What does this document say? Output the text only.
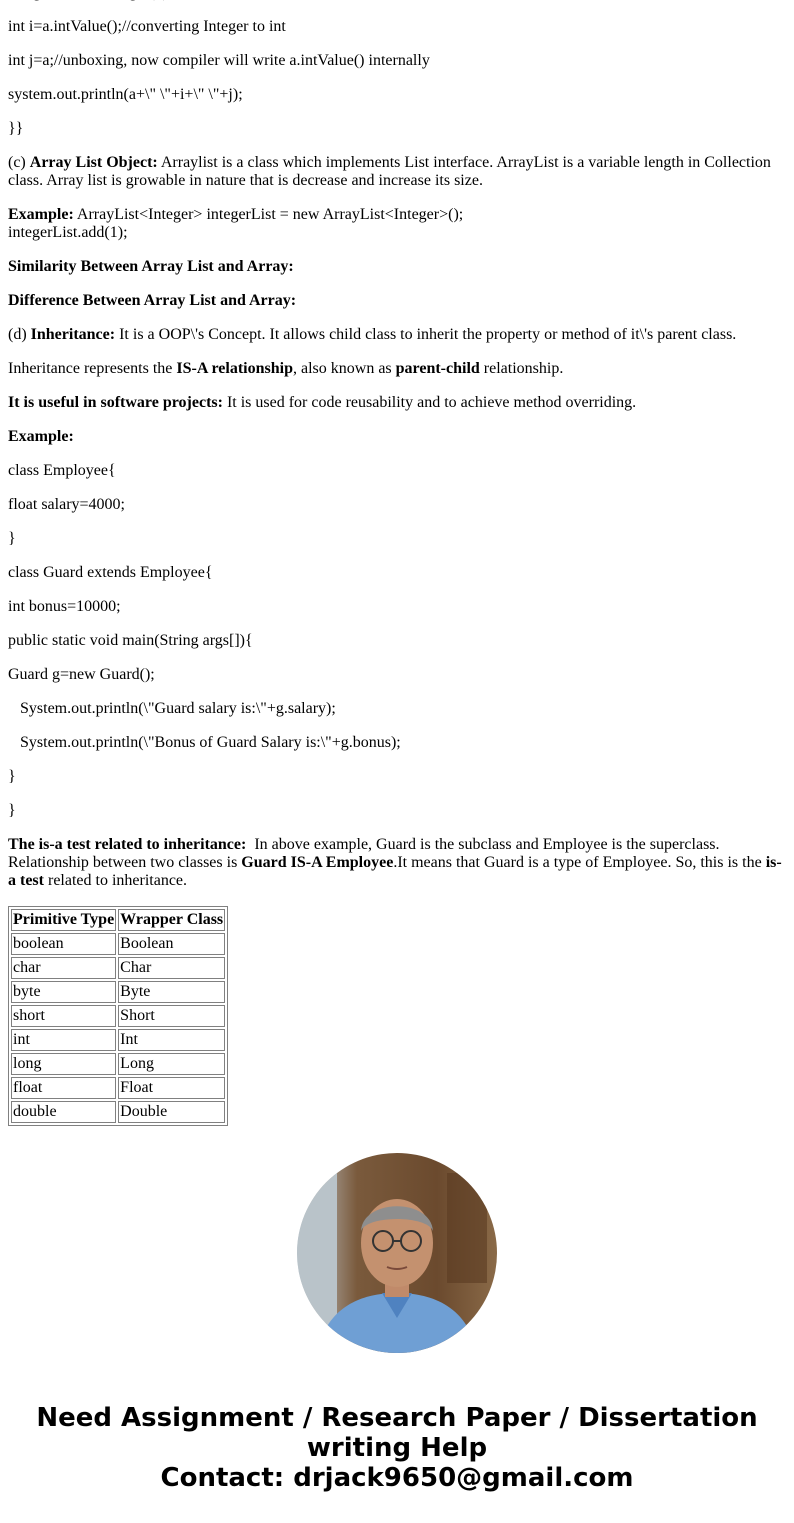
int i=a.intValue();//converting Integer to int
int j=a;//unboxing, now compiler will write a.intValue() internally
system.out.println(a+\" \"+i+\" \"+j);
}}
(c) Array List Object: Arraylist is a class which implements List interface. ArrayList is a variable length in Collection class. Array list is growable in nature that is decrease and increase its size.
Example: ArrayList<Integer> integerList = new ArrayList<Integer>();
integerList.add(1);
Similarity Between Array List and Array:
Difference Between Array List and Array:
(d) Inheritance: It is a OOP\'s Concept. It allows child class to inherit the property or method of it\'s parent class.
Inheritance represents the IS-A relationship, also known as parent-child relationship.
It is useful in software projects: It is used for code reusability and to achieve method overriding.
Example:
class Employee{
float salary=4000;
}
class Guard extends Employee{
int bonus=10000;
public static void main(String args[]){
Guard g=new Guard();
System.out.println(\"Guard salary is:\"+g.salary);
System.out.println(\"Bonus of Guard Salary is:\"+g.bonus);
}
}
The is-a test related to inheritance:  In above example, Guard is the subclass and Employee is the superclass. Relationship between two classes is Guard IS-A Employee.It means that Guard is a type of Employee. So, this is the is-a test related to inheritance.
Primitive Type	Wrapper Class
boolean	Boolean
char	Char
byte	Byte
short	Short
int	Int
long	Long
float	Float
double	Double
Need Assignment / Research Paper / Dissertation
writing Help
Contact: drjack9650@gmail.com
